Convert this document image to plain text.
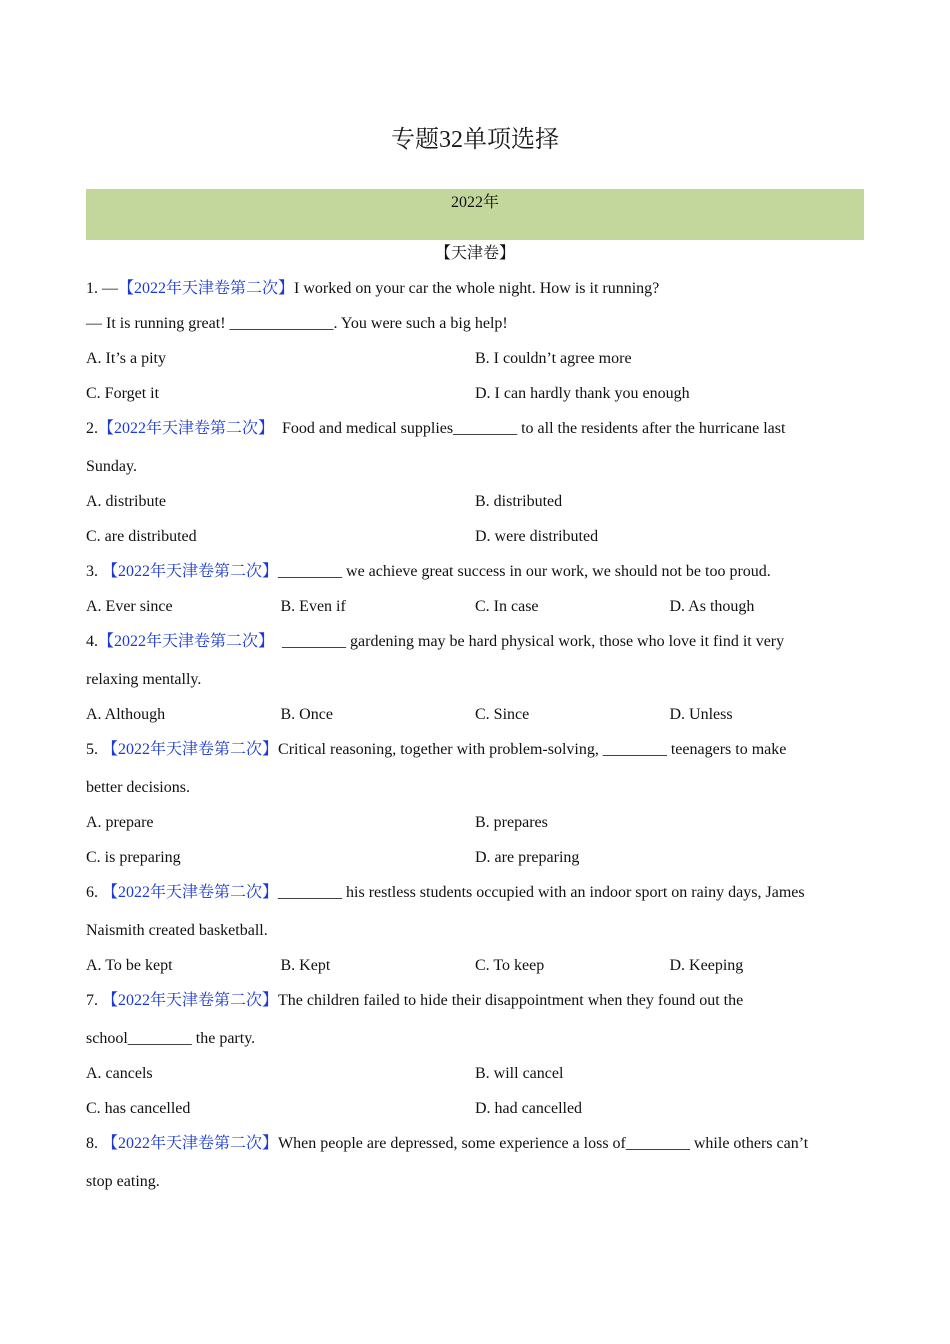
专题32单项选择
2022年
【天津卷】
1. —【2022年天津卷第二次】I worked on your car the whole night. How is it running?
— It is running great! _____________. You were such a big help!
A. It’s a pity	B. I couldn’t agree more
C. Forget it	D. I can hardly thank you enough
2.【2022年天津卷第二次】  Food and medical supplies________ to all the residents after the hurricane last
Sunday.
A. distribute	B. distributed
C. are distributed	D. were distributed
3. 【2022年天津卷第二次】________ we achieve great success in our work, we should not be too proud.
A. Ever since	B. Even if	C. In case	D. As though
4.【2022年天津卷第二次】  ________ gardening may be hard physical work, those who love it find it very
relaxing mentally.
A. Although	B. Once	C. Since	D. Unless
5. 【2022年天津卷第二次】Critical reasoning, together with problem-solving, ________ teenagers to make
better decisions.
A. prepare	B. prepares
C. is preparing	D. are preparing
6. 【2022年天津卷第二次】________ his restless students occupied with an indoor sport on rainy days, James
Naismith created basketball.
A. To be kept	B. Kept	C. To keep	D. Keeping
7. 【2022年天津卷第二次】The children failed to hide their disappointment when they found out the
school________ the party.
A. cancels	B. will cancel
C. has cancelled	D. had cancelled
8. 【2022年天津卷第二次】When people are depressed, some experience a loss of________ while others can’t
stop eating.
